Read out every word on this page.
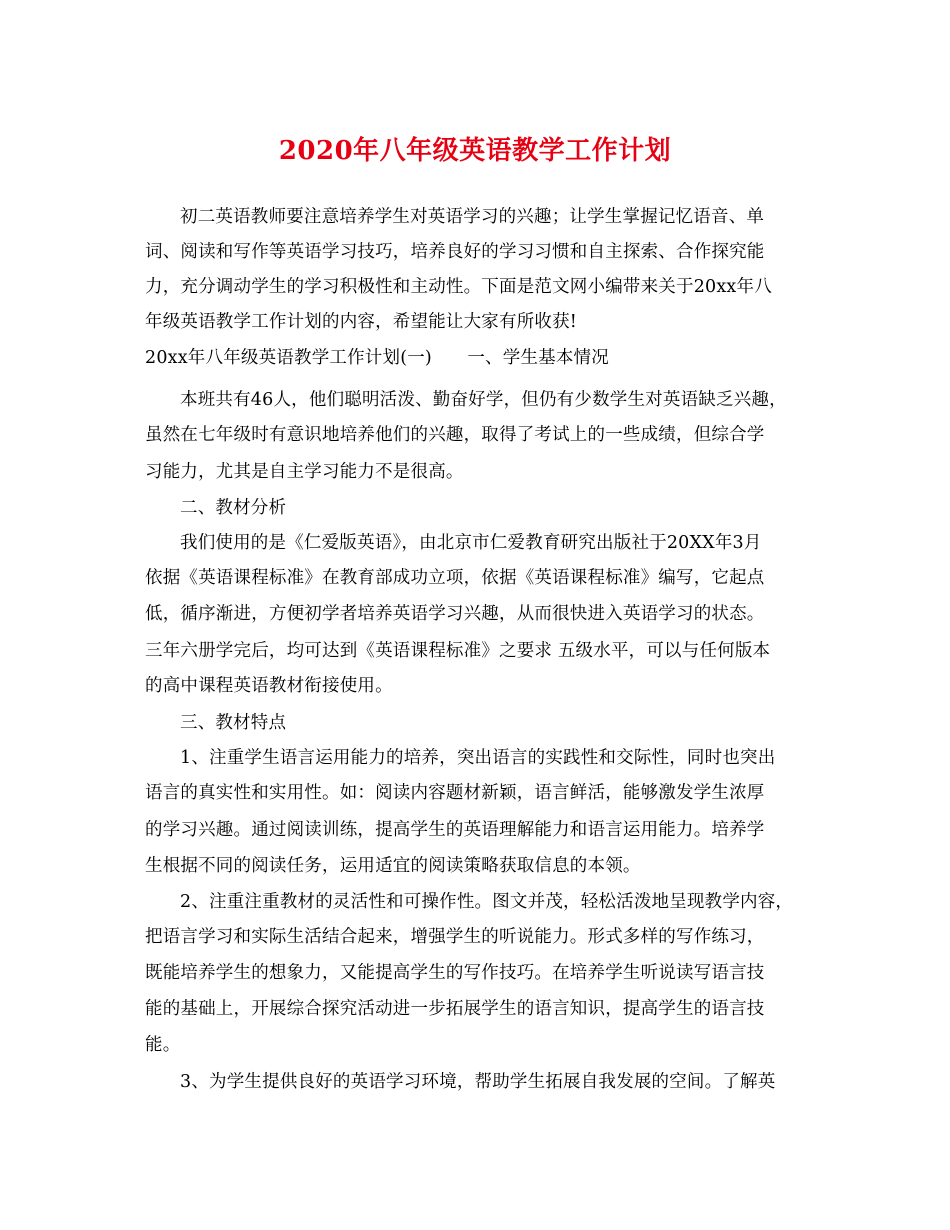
2020年八年级英语教学工作计划
初二英语教师要注意培养学生对英语学习的兴趣；让学生掌握记忆语音、单
词、阅读和写作等英语学习技巧，培养良好的学习习惯和自主探索、合作探究能
力，充分调动学生的学习积极性和主动性。下面是范文网小编带来关于20xx年八
年级英语教学工作计划的内容，希望能让大家有所收获!
20xx年八年级英语教学工作计划(一)　　一、学生基本情况
本班共有46人，他们聪明活泼、勤奋好学，但仍有少数学生对英语缺乏兴趣，
虽然在七年级时有意识地培养他们的兴趣，取得了考试上的一些成绩，但综合学
习能力，尤其是自主学习能力不是很高。
二、教材分析
我们使用的是《仁爱版英语》，由北京市仁爱教育研究出版社于20XX年3月
依据《英语课程标准》在教育部成功立项，依据《英语课程标准》编写，它起点
低，循序渐进，方便初学者培养英语学习兴趣，从而很快进入英语学习的状态。
三年六册学完后，均可达到《英语课程标准》之要求 五级水平，可以与任何版本
的高中课程英语教材衔接使用。
三、教材特点
1、注重学生语言运用能力的培养，突出语言的实践性和交际性，同时也突出
语言的真实性和实用性。如：阅读内容题材新颖，语言鲜活，能够激发学生浓厚
的学习兴趣。通过阅读训练，提高学生的英语理解能力和语言运用能力。培养学
生根据不同的阅读任务，运用适宜的阅读策略获取信息的本领。
2、注重注重教材的灵活性和可操作性。图文并茂，轻松活泼地呈现教学内容，
把语言学习和实际生活结合起来，增强学生的听说能力。形式多样的写作练习，
既能培养学生的想象力，又能提高学生的写作技巧。在培养学生听说读写语言技
能的基础上，开展综合探究活动进一步拓展学生的语言知识，提高学生的语言技
能。
3、为学生提供良好的英语学习环境，帮助学生拓展自我发展的空间。了解英
